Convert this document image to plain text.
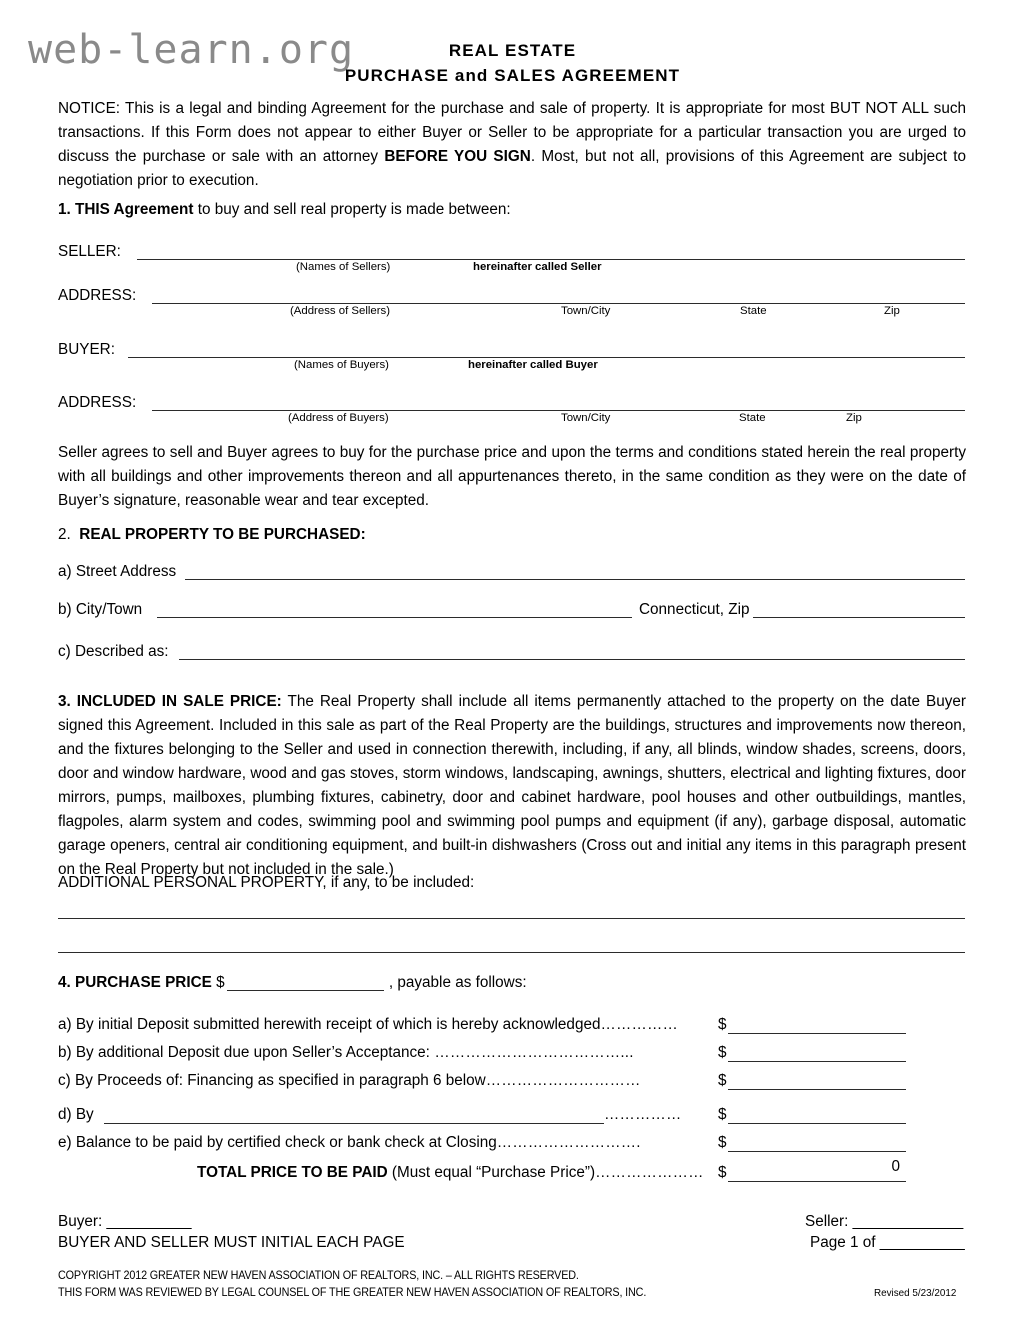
web-learn.org	REAL ESTATE
PURCHASE and SALES AGREEMENT
NOTICE: This is a legal and binding Agreement for the purchase and sale of property. It is appropriate for most BUT NOT ALL such transactions. If this Form does not appear to either Buyer or Seller to be appropriate for a particular transaction you are urged to discuss the purchase or sale with an attorney BEFORE YOU SIGN. Most, but not all, provisions of this Agreement are subject to negotiation prior to execution.
1. THIS Agreement to buy and sell real property is made between:
SELLER:
(Names of Sellers)	hereinafter called Seller
ADDRESS:
(Address of Sellers)	Town/City	State	Zip
BUYER:
(Names of Buyers)	hereinafter called Buyer
ADDRESS:
(Address of Buyers)	Town/City	State	Zip
Seller agrees to sell and Buyer agrees to buy for the purchase price and upon the terms and conditions stated herein the real property with all buildings and other improvements thereon and all appurtenances thereto, in the same condition as they were on the date of Buyer’s signature, reasonable wear and tear excepted.
2. REAL PROPERTY TO BE PURCHASED:
a) Street Address
b) City/Town	Connecticut, Zip
c) Described as:
3. INCLUDED IN SALE PRICE: The Real Property shall include all items permanently attached to the property on the date Buyer signed this Agreement. Included in this sale as part of the Real Property are the buildings, structures and improvements now thereon, and the fixtures belonging to the Seller and used in connection therewith, including, if any, all blinds, window shades, screens, doors, door and window hardware, wood and gas stoves, storm windows, landscaping, awnings, shutters, electrical and lighting fixtures, door mirrors, pumps, mailboxes, plumbing fixtures, cabinetry, door and cabinet hardware, pool houses and other outbuildings, mantles, flagpoles, alarm system and codes, swimming pool and swimming pool pumps and equipment (if any), garbage disposal, automatic garage openers, central air conditioning equipment, and built-in dishwashers (Cross out and initial any items in this paragraph present on the Real Property but not included in the sale.)
ADDITIONAL PERSONAL PROPERTY, if any, to be included:
4. PURCHASE PRICE $	, payable as follows:
a) By initial Deposit submitted herewith receipt of which is hereby acknowledged……………	$
b) By additional Deposit due upon Seller’s Acceptance: ………………………………...	$
c) By Proceeds of: Financing as specified in paragraph 6 below…………………………	$
d) By	…………… $
e) Balance to be paid by certified check or bank check at Closing……………………….	$
TOTAL PRICE TO BE PAID (Must equal “Purchase Price”)………………… $	0
Buyer: __________	Seller: _____________
BUYER AND SELLER MUST INITIAL EACH PAGE	Page 1 of __________
COPYRIGHT 2012 GREATER NEW HAVEN ASSOCIATION OF REALTORS, INC. – ALL RIGHTS RESERVED.
THIS FORM WAS REVIEWED BY LEGAL COUNSEL OF THE GREATER NEW HAVEN ASSOCIATION OF REALTORS, INC.	Revised 5/23/2012
